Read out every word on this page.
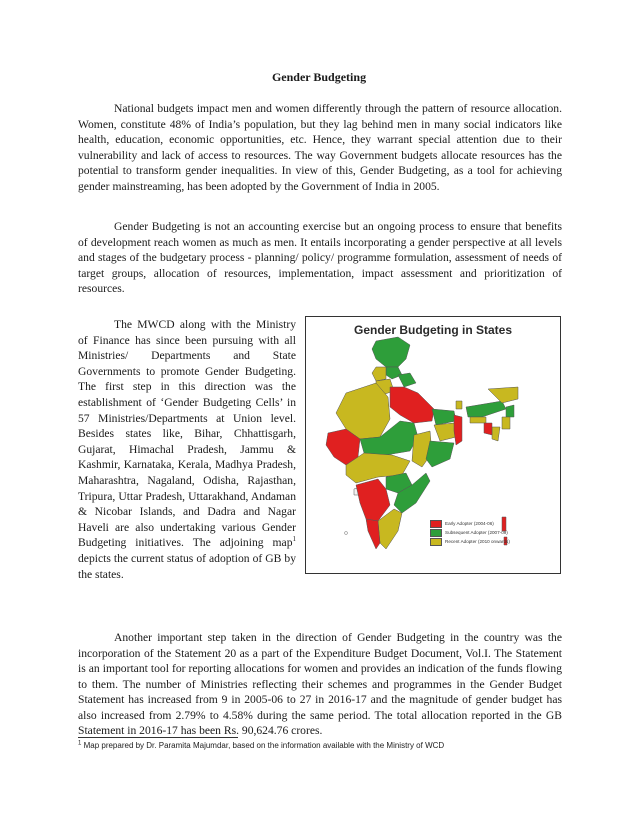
Gender Budgeting
National budgets impact men and women differently through the pattern of resource allocation. Women, constitute 48% of India’s population, but they lag behind men in many social indicators like health, education, economic opportunities, etc. Hence, they warrant special attention due to their vulnerability and lack of access to resources. The way Government budgets allocate resources has the potential to transform gender inequalities. In view of this, Gender Budgeting, as a tool for achieving gender mainstreaming, has been adopted by the Government of India in 2005.
Gender Budgeting is not an accounting exercise but an ongoing process to ensure that benefits of development reach women as much as men. It entails incorporating a gender perspective at all levels and stages of the budgetary process - planning/ policy/ programme formulation, assessment of needs of target groups, allocation of resources, implementation, impact assessment and prioritization of resources.
The MWCD along with the Ministry of Finance has since been pursuing with all Ministries/ Departments and State Governments to promote Gender Budgeting. The first step in this direction was the establishment of ‘Gender Budgeting Cells’ in 57 Ministries/Departments at Union level. Besides states like, Bihar, Chhattisgarh, Gujarat, Himachal Pradesh, Jammu & Kashmir, Karnataka, Kerala, Madhya Pradesh, Maharashtra, Nagaland, Odisha, Rajasthan, Tripura, Uttar Pradesh, Uttarakhand, Andaman & Nicobar Islands, and Dadra and Nagar Haveli are also undertaking various Gender Budgeting initiatives. The adjoining map$^1$ depicts the current status of adoption of GB by the states.
Gender Budgeting in States
Early Adopter (2004-06)
Subsequent Adopter (2007-09)
Recent Adopter (2010 onwards)
Another important step taken in the direction of Gender Budgeting in the country was the incorporation of the Statement 20 as a part of the Expenditure Budget Document, Vol.I. The Statement is an important tool for reporting allocations for women and provides an indication of the funds flowing to them. The number of Ministries reflecting their schemes and programmes in the Gender Budget Statement has increased from 9 in 2005-06 to 27 in 2016-17 and the magnitude of gender budget has also increased from 2.79% to 4.58% during the same period. The total allocation reported in the GB Statement in 2016-17 has been Rs. 90,624.76 crores.
$^1$ Map prepared by Dr. Paramita Majumdar, based on the information available with the Ministry of WCD
